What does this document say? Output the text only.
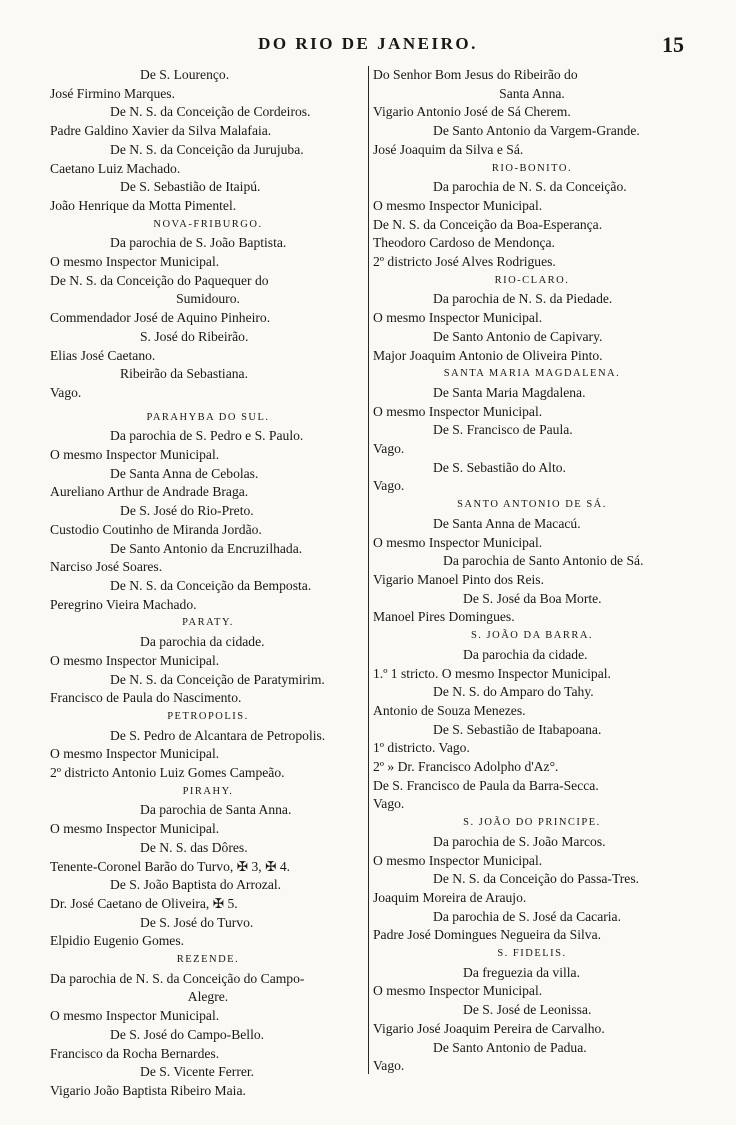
DO RIO DE JANEIRO.	15
De S. Lourenço.
José Firmino Marques.
De N. S. da Conceição de Cordeiros.
Padre Galdino Xavier da Silva Malafaia.
De N. S. da Conceição da Jurujuba.
Caetano Luiz Machado.
De S. Sebastião de Itaipú.
João Henrique da Motta Pimentel.
NOVA-FRIBURGO.
Da parochia de S. João Baptista.
O mesmo Inspector Municipal.
De N. S. da Conceição do Paquequer do
Sumidouro.
Commendador José de Aquino Pinheiro.
S. José do Ribeirão.
Elias José Caetano.
Ribeirão da Sebastiana.
Vago.
PARAHYBA DO SUL.
Da parochia de S. Pedro e S. Paulo.
O mesmo Inspector Municipal.
De Santa Anna de Cebolas.
Aureliano Arthur de Andrade Braga.
De S. José do Rio-Preto.
Custodio Coutinho de Miranda Jordão.
De Santo Antonio da Encruzilhada.
Narciso José Soares.
De N. S. da Conceição da Bemposta.
Peregrino Vieira Machado.
PARATY.
Da parochia da cidade.
O mesmo Inspector Municipal.
De N. S. da Conceição de Paratymirim.
Francisco de Paula do Nascimento.
PETROPOLIS.
De S. Pedro de Alcantara de Petropolis.
O mesmo Inspector Municipal.
2º districto Antonio Luiz Gomes Campeão.
PIRAHY.
Da parochia de Santa Anna.
O mesmo Inspector Municipal.
De N. S. das Dôres.
Tenente-Coronel Barão do Turvo, ✠ 3, ✠ 4.
De S. João Baptista do Arrozal.
Dr. José Caetano de Oliveira, ✠ 5.
De S. José do Turvo.
Elpidio Eugenio Gomes.
REZENDE.
Da parochia de N. S. da Conceição do Campo-
Alegre.
O mesmo Inspector Municipal.
De S. José do Campo-Bello.
Francisco da Rocha Bernardes.
De S. Vicente Ferrer.
Vigario João Baptista Ribeiro Maia.
Do Senhor Bom Jesus do Ribeirão do
Santa Anna.
Vigario Antonio José de Sá Cherem.
De Santo Antonio da Vargem-Grande.
José Joaquim da Silva e Sá.
RIO-BONITO.
Da parochia de N. S. da Conceição.
O mesmo Inspector Municipal.
De N. S. da Conceição da Boa-Esperança.
Theodoro Cardoso de Mendonça.
2º districto José Alves Rodrigues.
RIO-CLARO.
Da parochia de N. S. da Piedade.
O mesmo Inspector Municipal.
De Santo Antonio de Capivary.
Major Joaquim Antonio de Oliveira Pinto.
SANTA MARIA MAGDALENA.
De Santa Maria Magdalena.
O mesmo Inspector Municipal.
De S. Francisco de Paula.
Vago.
De S. Sebastião do Alto.
Vago.
SANTO ANTONIO DE SÁ.
De Santa Anna de Macacú.
O mesmo Inspector Municipal.
Da parochia de Santo Antonio de Sá.
Vigario Manoel Pinto dos Reis.
De S. José da Boa Morte.
Manoel Pires Domingues.
S. JOÃO DA BARRA.
Da parochia da cidade.
1.º 1 stricto. O mesmo Inspector Municipal.
De N. S. do Amparo do Tahy.
Antonio de Souza Menezes.
De S. Sebastião de Itabapoana.
1º districto. Vago.
2º » Dr. Francisco Adolpho d'Az°.
De S. Francisco de Paula da Barra-Secca.
Vago.
S. JOÃO DO PRINCIPE.
Da parochia de S. João Marcos.
O mesmo Inspector Municipal.
De N. S. da Conceição do Passa-Tres.
Joaquim Moreira de Araujo.
Da parochia de S. José da Cacaria.
Padre José Domingues Negueira da Silva.
S. FIDELIS.
Da freguezia da villa.
O mesmo Inspector Municipal.
De S. José de Leonissa.
Vigario José Joaquim Pereira de Carvalho.
De Santo Antonio de Padua.
Vago.
